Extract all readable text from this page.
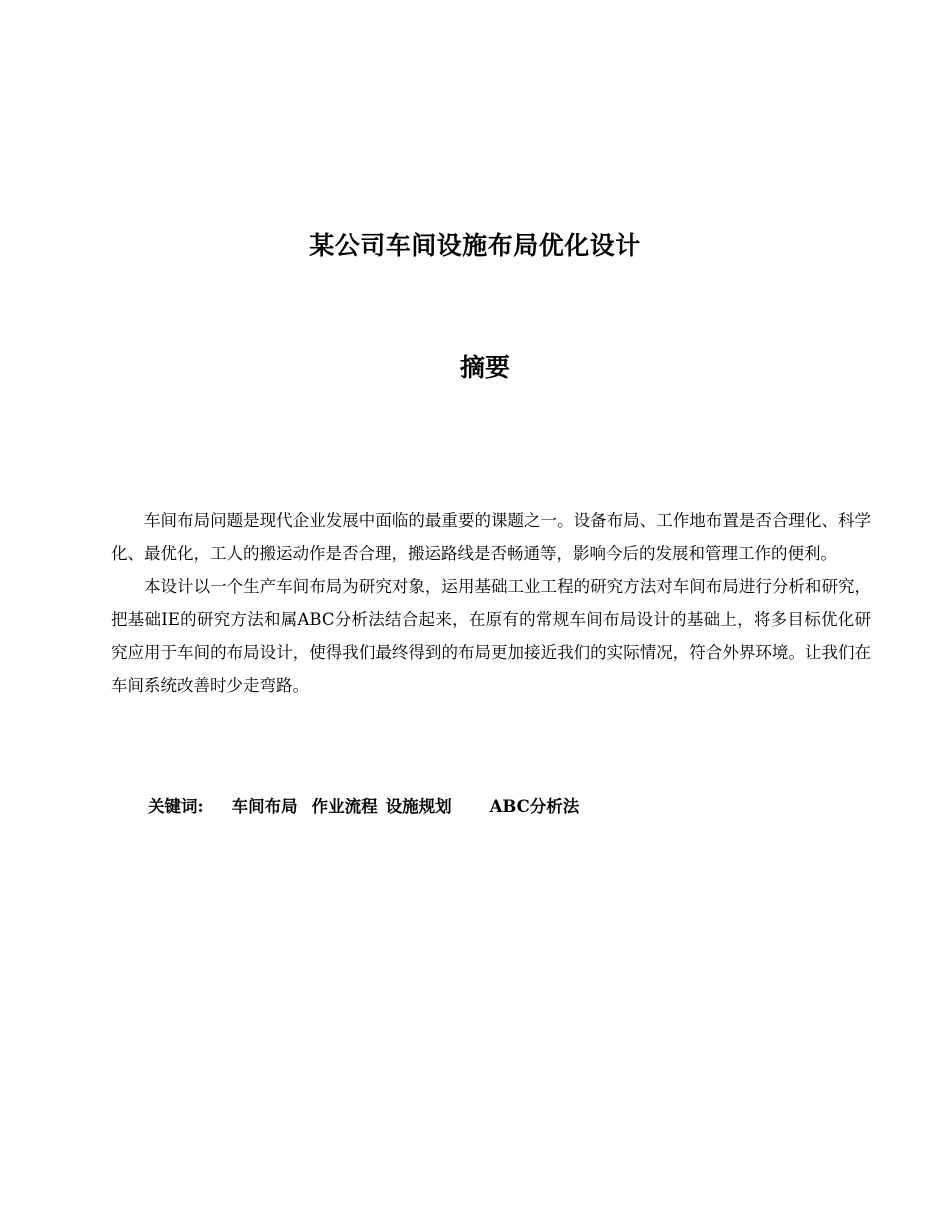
某公司车间设施布局优化设计
摘要

车间布局问题是现代企业发展中面临的最重要的课题之一。设备布局、工作地布置是否合理化、科学化、最优化，工人的搬运动作是否合理，搬运路线是否畅通等，影响今后的发展和管理工作的便利。

本设计以一个生产车间布局为研究对象，运用基础工业工程的研究方法对车间布局进行分析和研究，把基础IE的研究方法和属ABC分析法结合起来，在原有的常规车间布局设计的基础上，将多目标优化研究应用于车间的布局设计，使得我们最终得到的布局更加接近我们的实际情况，符合外界环境。让我们在车间系统改善时少走弯路。

关键词: 车间布局 作业流程 设施规划 ABC分析法
